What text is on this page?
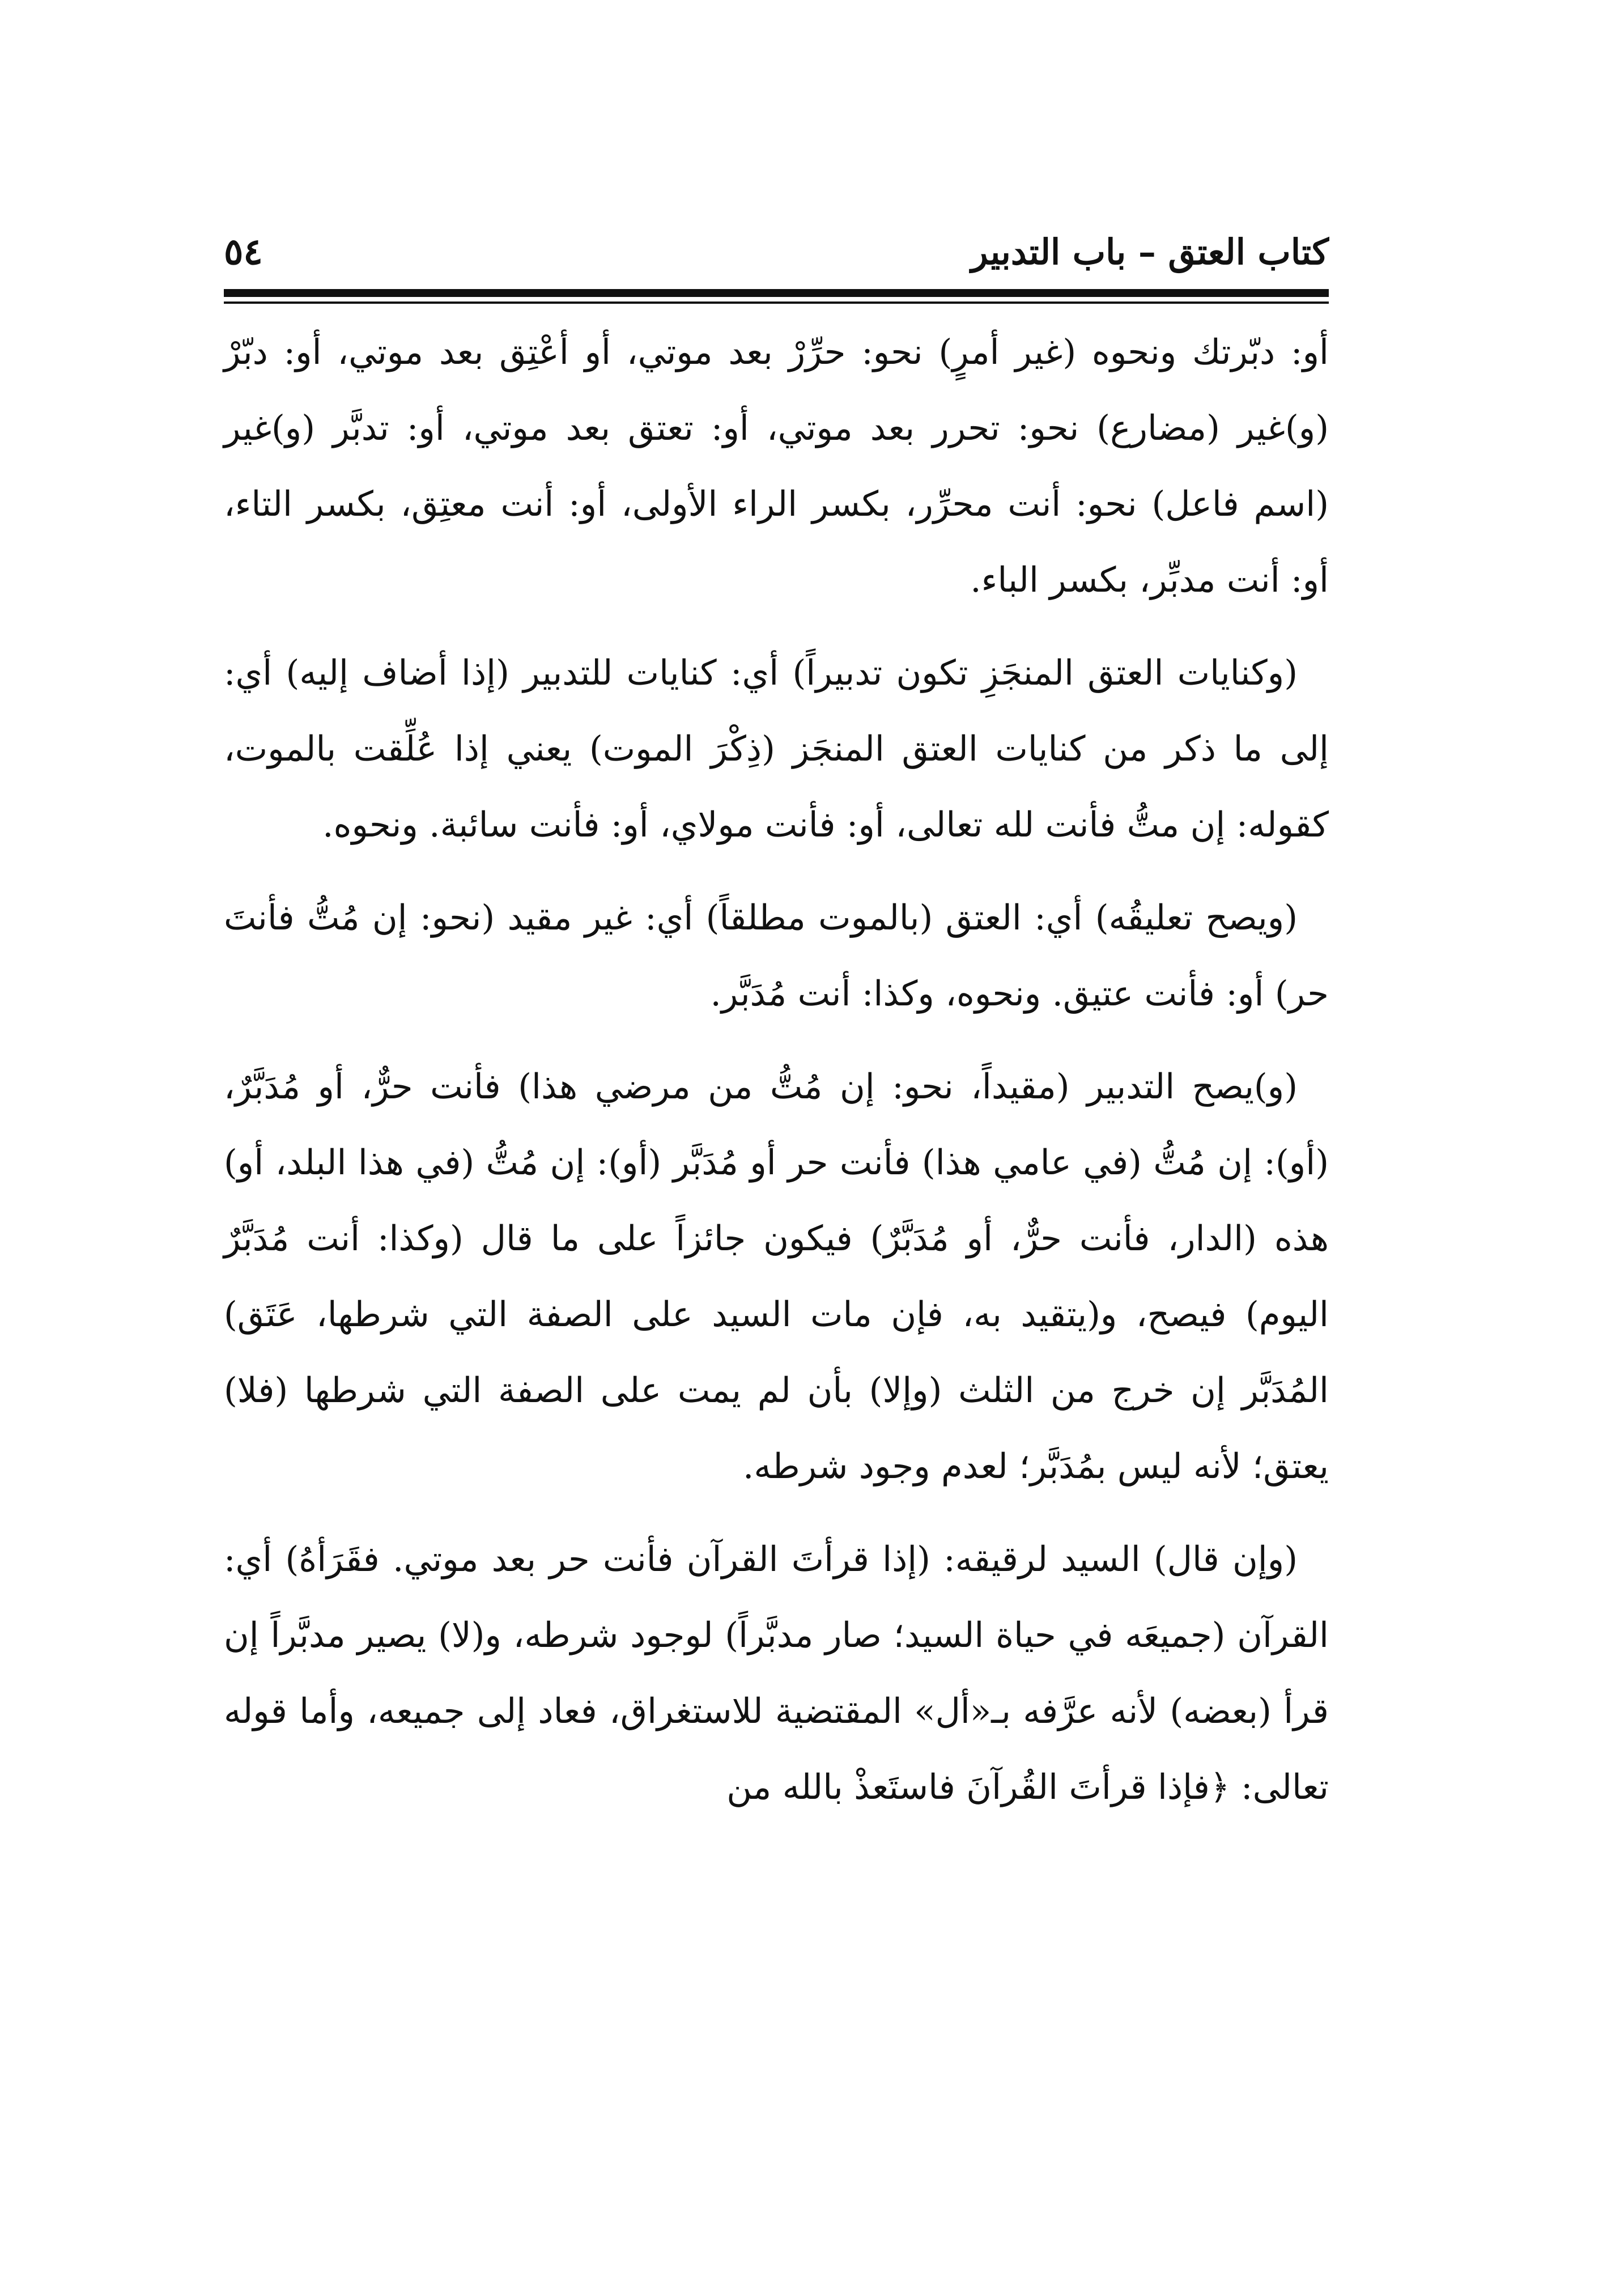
كتاب العتق – باب التدبير
٥٤

أو: دبّرتك ونحوه (غير أمرٍ) نحو: حرِّرْ بعد موتي، أو أعْتِق بعد موتي، أو: دبّرْ (و)غير (مضارع) نحو: تحرر بعد موتي، أو: تعتق بعد موتي، أو: تدبَّر (و)غير (اسم فاعل) نحو: أنت محرِّر، بكسر الراء الأولى، أو: أنت معتِق، بكسر التاء، أو: أنت مدبِّر، بكسر الباء.

(وكنايات العتق المنجَزِ تكون تدبيراً) أي: كنايات للتدبير (إذا أضاف إليه) أي: إلى ما ذكر من كنايات العتق المنجَز (ذِكْرَ الموت) يعني إذا عُلِّقت بالموت، كقوله: إن متُّ فأنت لله تعالى، أو: فأنت مولاي، أو: فأنت سائبة. ونحوه.

(ويصح تعليقُه) أي: العتق (بالموت مطلقاً) أي: غير مقيد (نحو: إن مُتُّ فأنتَ حر) أو: فأنت عتيق. ونحوه، وكذا: أنت مُدَبَّر.

(و)يصح التدبير (مقيداً، نحو: إن مُتُّ من مرضي هذا) فأنت حرٌّ، أو مُدَبَّرٌ، (أو): إن مُتُّ (في عامي هذا) فأنت حر أو مُدَبَّر (أو): إن مُتُّ (في هذا البلد، أو) هذه (الدار، فأنت حرٌّ، أو مُدَبَّرٌ) فيكون جائزاً على ما قال (وكذا: أنت مُدَبَّرٌ اليوم) فيصح، و(يتقيد به، فإن مات السيد على الصفة التي شرطها، عَتَق) المُدَبَّر إن خرج من الثلث (وإلا) بأن لم يمت على الصفة التي شرطها (فلا) يعتق؛ لأنه ليس بمُدَبَّر؛ لعدم وجود شرطه.

(وإن قال) السيد لرقيقه: (إذا قرأتَ القرآن فأنت حر بعد موتي. فقَرَأهُ) أي: القرآن (جميعَه في حياة السيد؛ صار مدبَّراً) لوجود شرطه، و(لا) يصير مدبَّراً إن قرأ (بعضه) لأنه عرَّفه بـ«أل» المقتضية للاستغراق، فعاد إلى جميعه، وأما قوله تعالى: ﴿فإذا قرأتَ القُرآنَ فاستَعذْ بالله من
